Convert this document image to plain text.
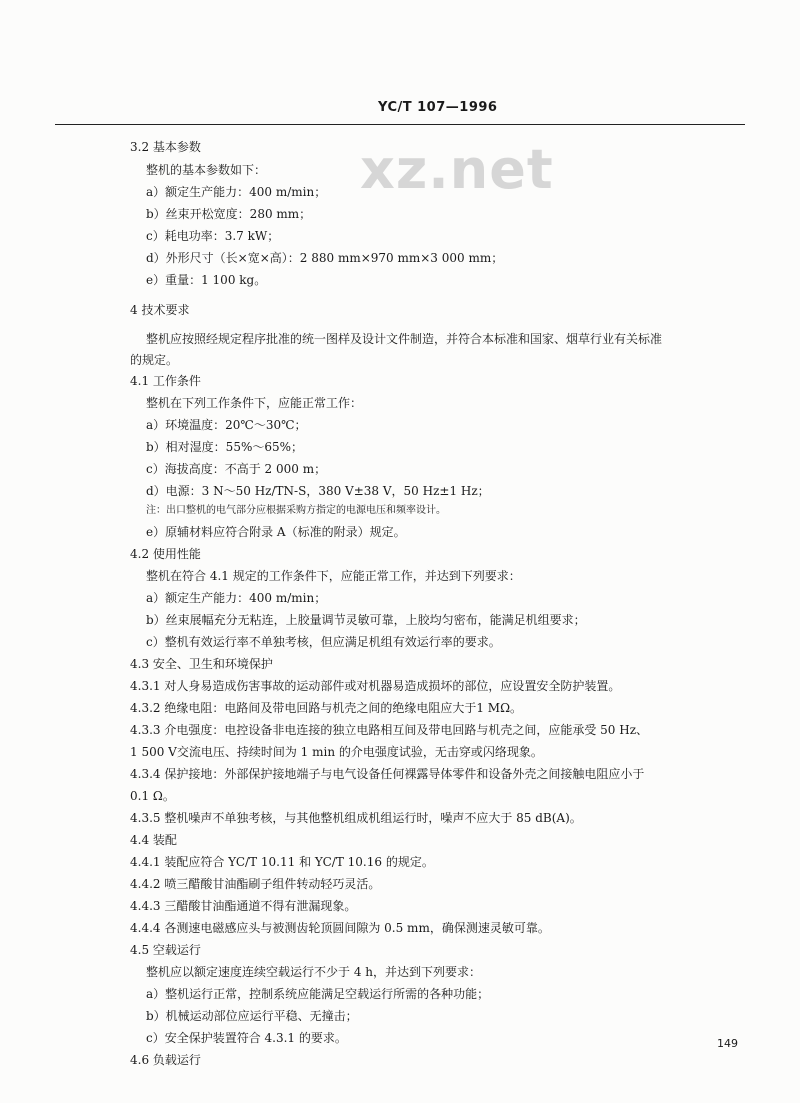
YC/T 107—1996
xz.net
3.2 基本参数
整机的基本参数如下：
a）额定生产能力：400 m/min；
b）丝束开松宽度：280 mm；
c）耗电功率：3.7 kW；
d）外形尺寸（长×宽×高）：2 880 mm×970 mm×3 000 mm；
e）重量：1 100 kg。
4 技术要求
整机应按照经规定程序批准的统一图样及设计文件制造，并符合本标准和国家、烟草行业有关标准
的规定。
4.1 工作条件
整机在下列工作条件下，应能正常工作：
a）环境温度：20℃～30℃；
b）相对湿度：55%～65%；
c）海拔高度：不高于 2 000 m；
d）电源：3 N～50 Hz/TN-S，380 V±38 V，50 Hz±1 Hz；
注：出口整机的电气部分应根据采购方指定的电源电压和频率设计。
e）原辅材料应符合附录 A（标准的附录）规定。
4.2 使用性能
整机在符合 4.1 规定的工作条件下，应能正常工作，并达到下列要求：
a）额定生产能力：400 m/min；
b）丝束展幅充分无粘连，上胶量调节灵敏可靠，上胶均匀密布，能满足机组要求；
c）整机有效运行率不单独考核，但应满足机组有效运行率的要求。
4.3 安全、卫生和环境保护
4.3.1 对人身易造成伤害事故的运动部件或对机器易造成损坏的部位，应设置安全防护装置。
4.3.2 绝缘电阻：电路间及带电回路与机壳之间的绝缘电阻应大于1 MΩ。
4.3.3 介电强度：电控设备非电连接的独立电路相互间及带电回路与机壳之间，应能承受 50 Hz、
1 500 V交流电压、持续时间为 1 min 的介电强度试验，无击穿或闪络现象。
4.3.4 保护接地：外部保护接地端子与电气设备任何裸露导体零件和设备外壳之间接触电阻应小于
0.1 Ω。
4.3.5 整机噪声不单独考核，与其他整机组成机组运行时，噪声不应大于 85 dB(A)。
4.4 装配
4.4.1 装配应符合 YC/T 10.11 和 YC/T 10.16 的规定。
4.4.2 喷三醋酸甘油酯刷子组件转动轻巧灵活。
4.4.3 三醋酸甘油酯通道不得有泄漏现象。
4.4.4 各测速电磁感应头与被测齿轮顶圆间隙为 0.5 mm，确保测速灵敏可靠。
4.5 空载运行
整机应以额定速度连续空载运行不少于 4 h，并达到下列要求：
a）整机运行正常，控制系统应能满足空载运行所需的各种功能；
b）机械运动部位应运行平稳、无撞击；
c）安全保护装置符合 4.3.1 的要求。
4.6 负载运行
149
